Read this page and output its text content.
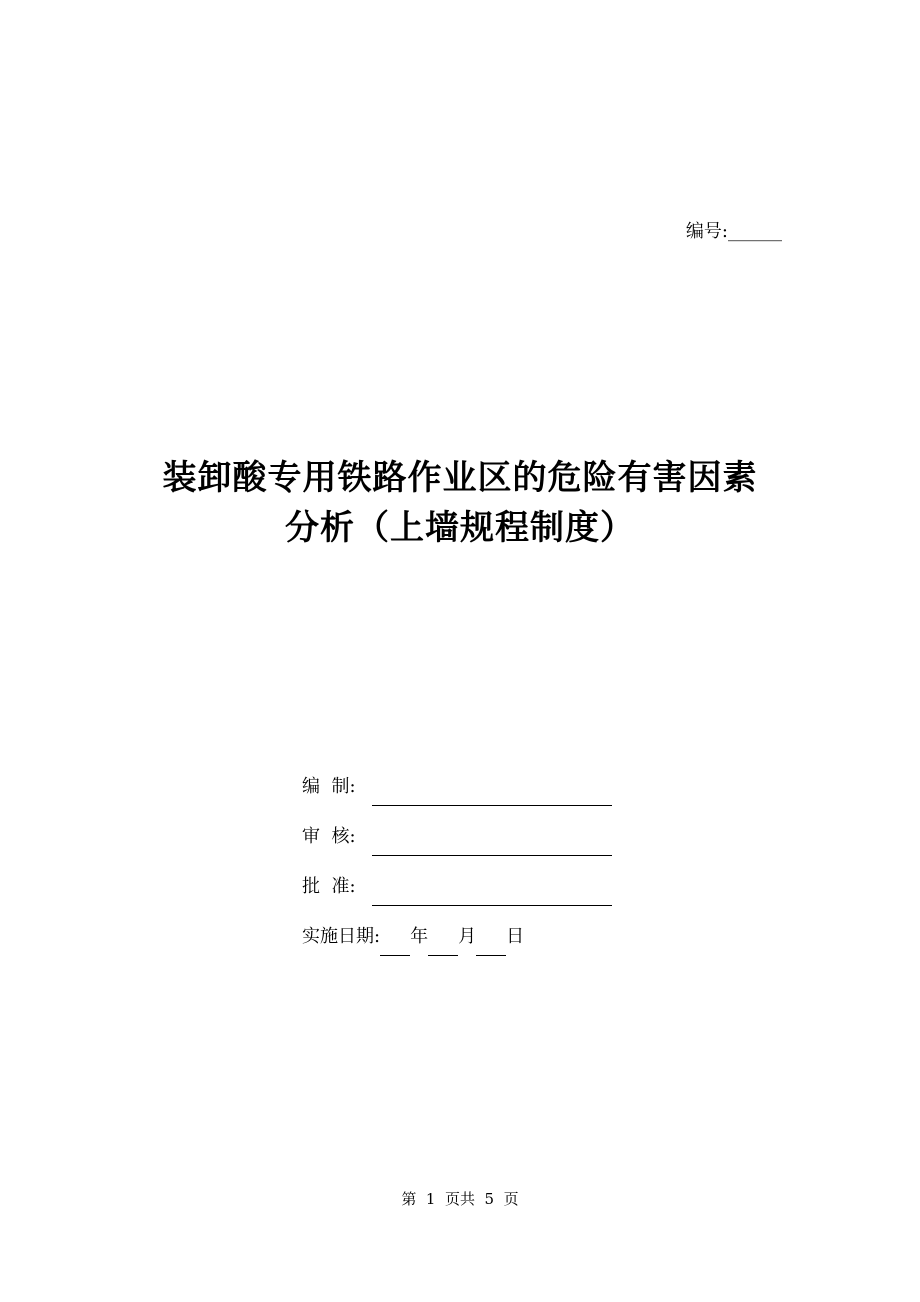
编号:______
装卸酸专用铁路作业区的危险有害因素
分析（上墙规程制度）
编  制:
审  核:
批  准:
实施日期: 年 月 日
第  1  页共  5  页
